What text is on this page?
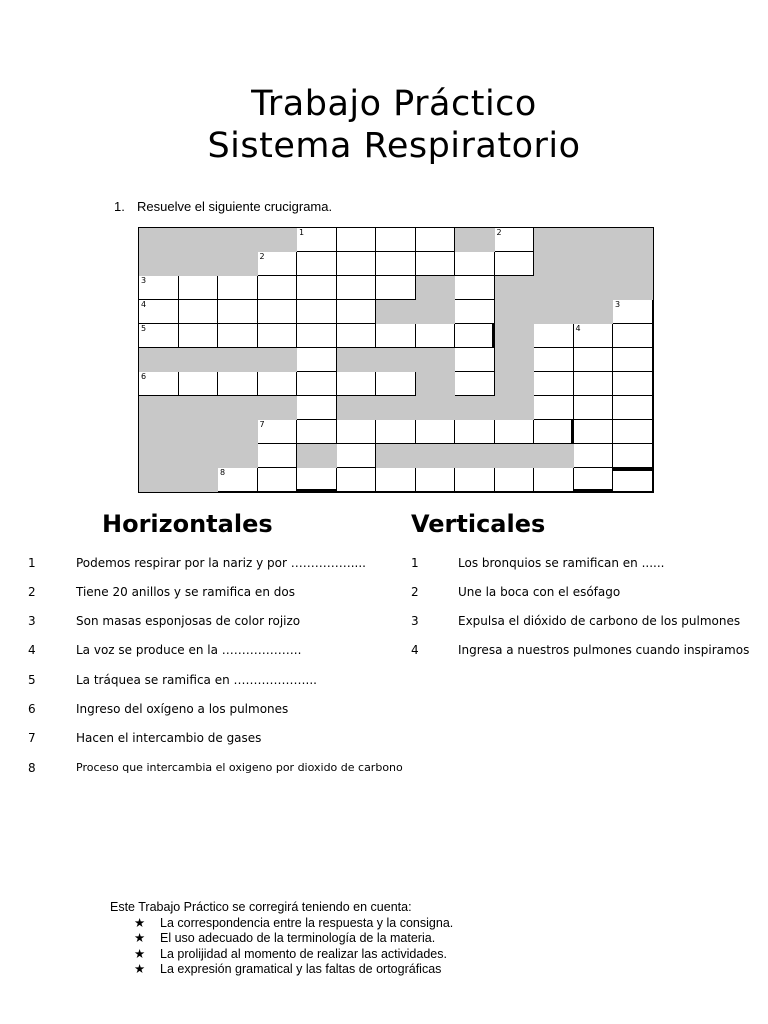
Trabajo Práctico
Sistema Respiratorio
1. Resuelve el siguiente crucigrama.
1	2
2
3
4	3
5	4
6
7
8
Horizontales	Verticales
1	Podemos respirar por la nariz y por ……………....
2	Tiene 20 anillos y se ramifica en dos
3	Son masas esponjosas de color rojizo
4	La voz se produce en la ………………..
5	La tráquea se ramifica en ………………...
6	Ingreso del oxígeno a los pulmones
7	Hacen el intercambio de gases
8	Proceso que intercambia el oxigeno por dioxido de carbono
1	Los bronquios se ramifican en ......
2	Une la boca con el esófago
3	Expulsa el dióxido de carbono de los pulmones
4	Ingresa a nuestros pulmones cuando inspiramos
Este Trabajo Práctico se corregirá teniendo en cuenta:
★ La correspondencia entre la respuesta y la consigna.
★ El uso adecuado de la terminología de la materia.
★ La prolijidad al momento de realizar las actividades.
★ La expresión gramatical y las faltas de ortográficas
